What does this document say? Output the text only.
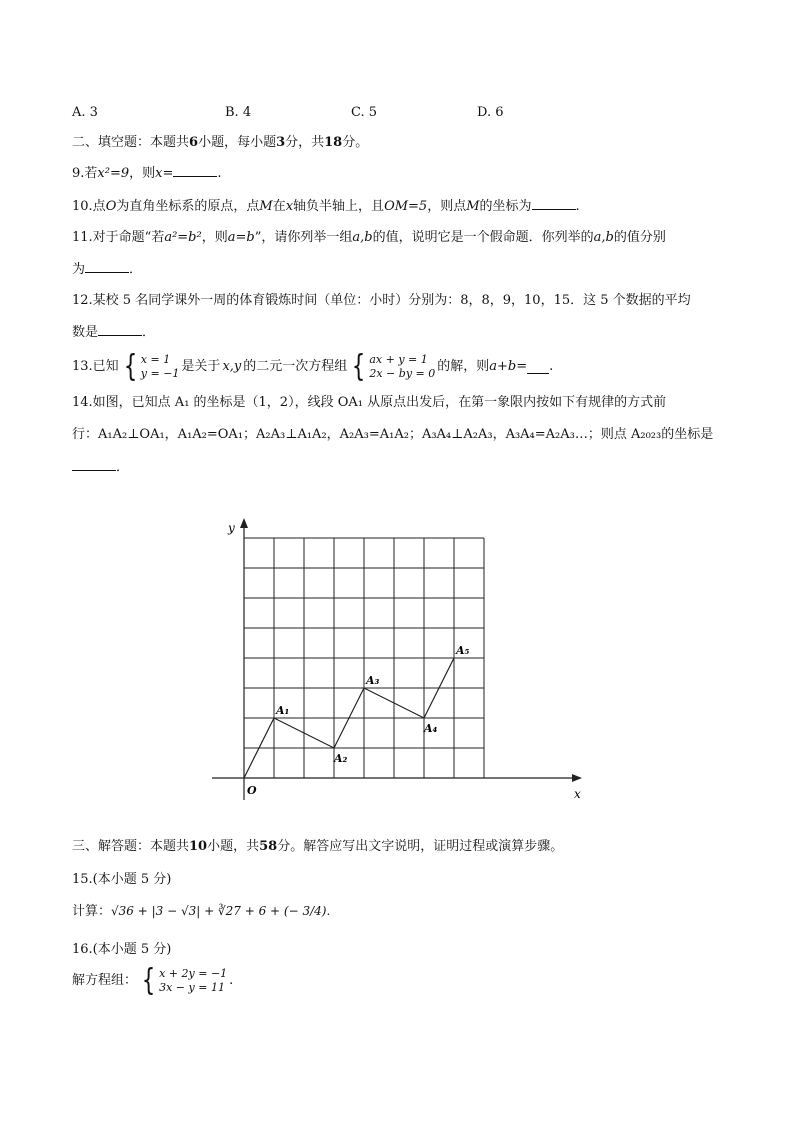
A. 3	B. 4	C. 5	D. 6
二、填空题：本题共6小题，每小题3分，共18分。
9.若x²=9，则x=	.
10.点O为直角坐标系的原点，点M在x轴负半轴上，且OM=5，则点M的坐标为	.
11.对于命题“若a²=b²，则a=b”，请你列举一组a,b的值，说明它是一个假命题．你列举的a,b的值分别
为	．
12.某校 5 名同学课外一周的体育锻炼时间（单位：小时）分别为：8，8，9，10，15．这 5 个数据的平均
数是	．
13.已知 { x = 1
y = −1 是关于 x,y 的二元一次方程组 { ax + y = 1
2x − by = 0 的解，则 a+b= .
14.如图，已知点 A₁ 的坐标是（1，2），线段 OA₁ 从原点出发后，在第一象限内按如下有规律的方式前
行：A₁A₂⊥OA₁，A₁A₂=OA₁；A₂A₃⊥A₁A₂，A₂A₃=A₁A₂；A₃A₄⊥A₂A₃，A₃A₄=A₂A₃…；则点 A₂₀₂₃的坐标是
．
x
y
O
A₁
A₂
A₃
A₄
A₅
三、解答题：本题共10小题，共58分。解答应写出文字说明，证明过程或演算步骤。
15.(本小题 5 分)
计算：√36 + |3 − √3| + ∛27 + 6 + (− 3/4).
16.(本小题 5 分)
解方程组： { x + 2y = −1
3x − y = 11 .
